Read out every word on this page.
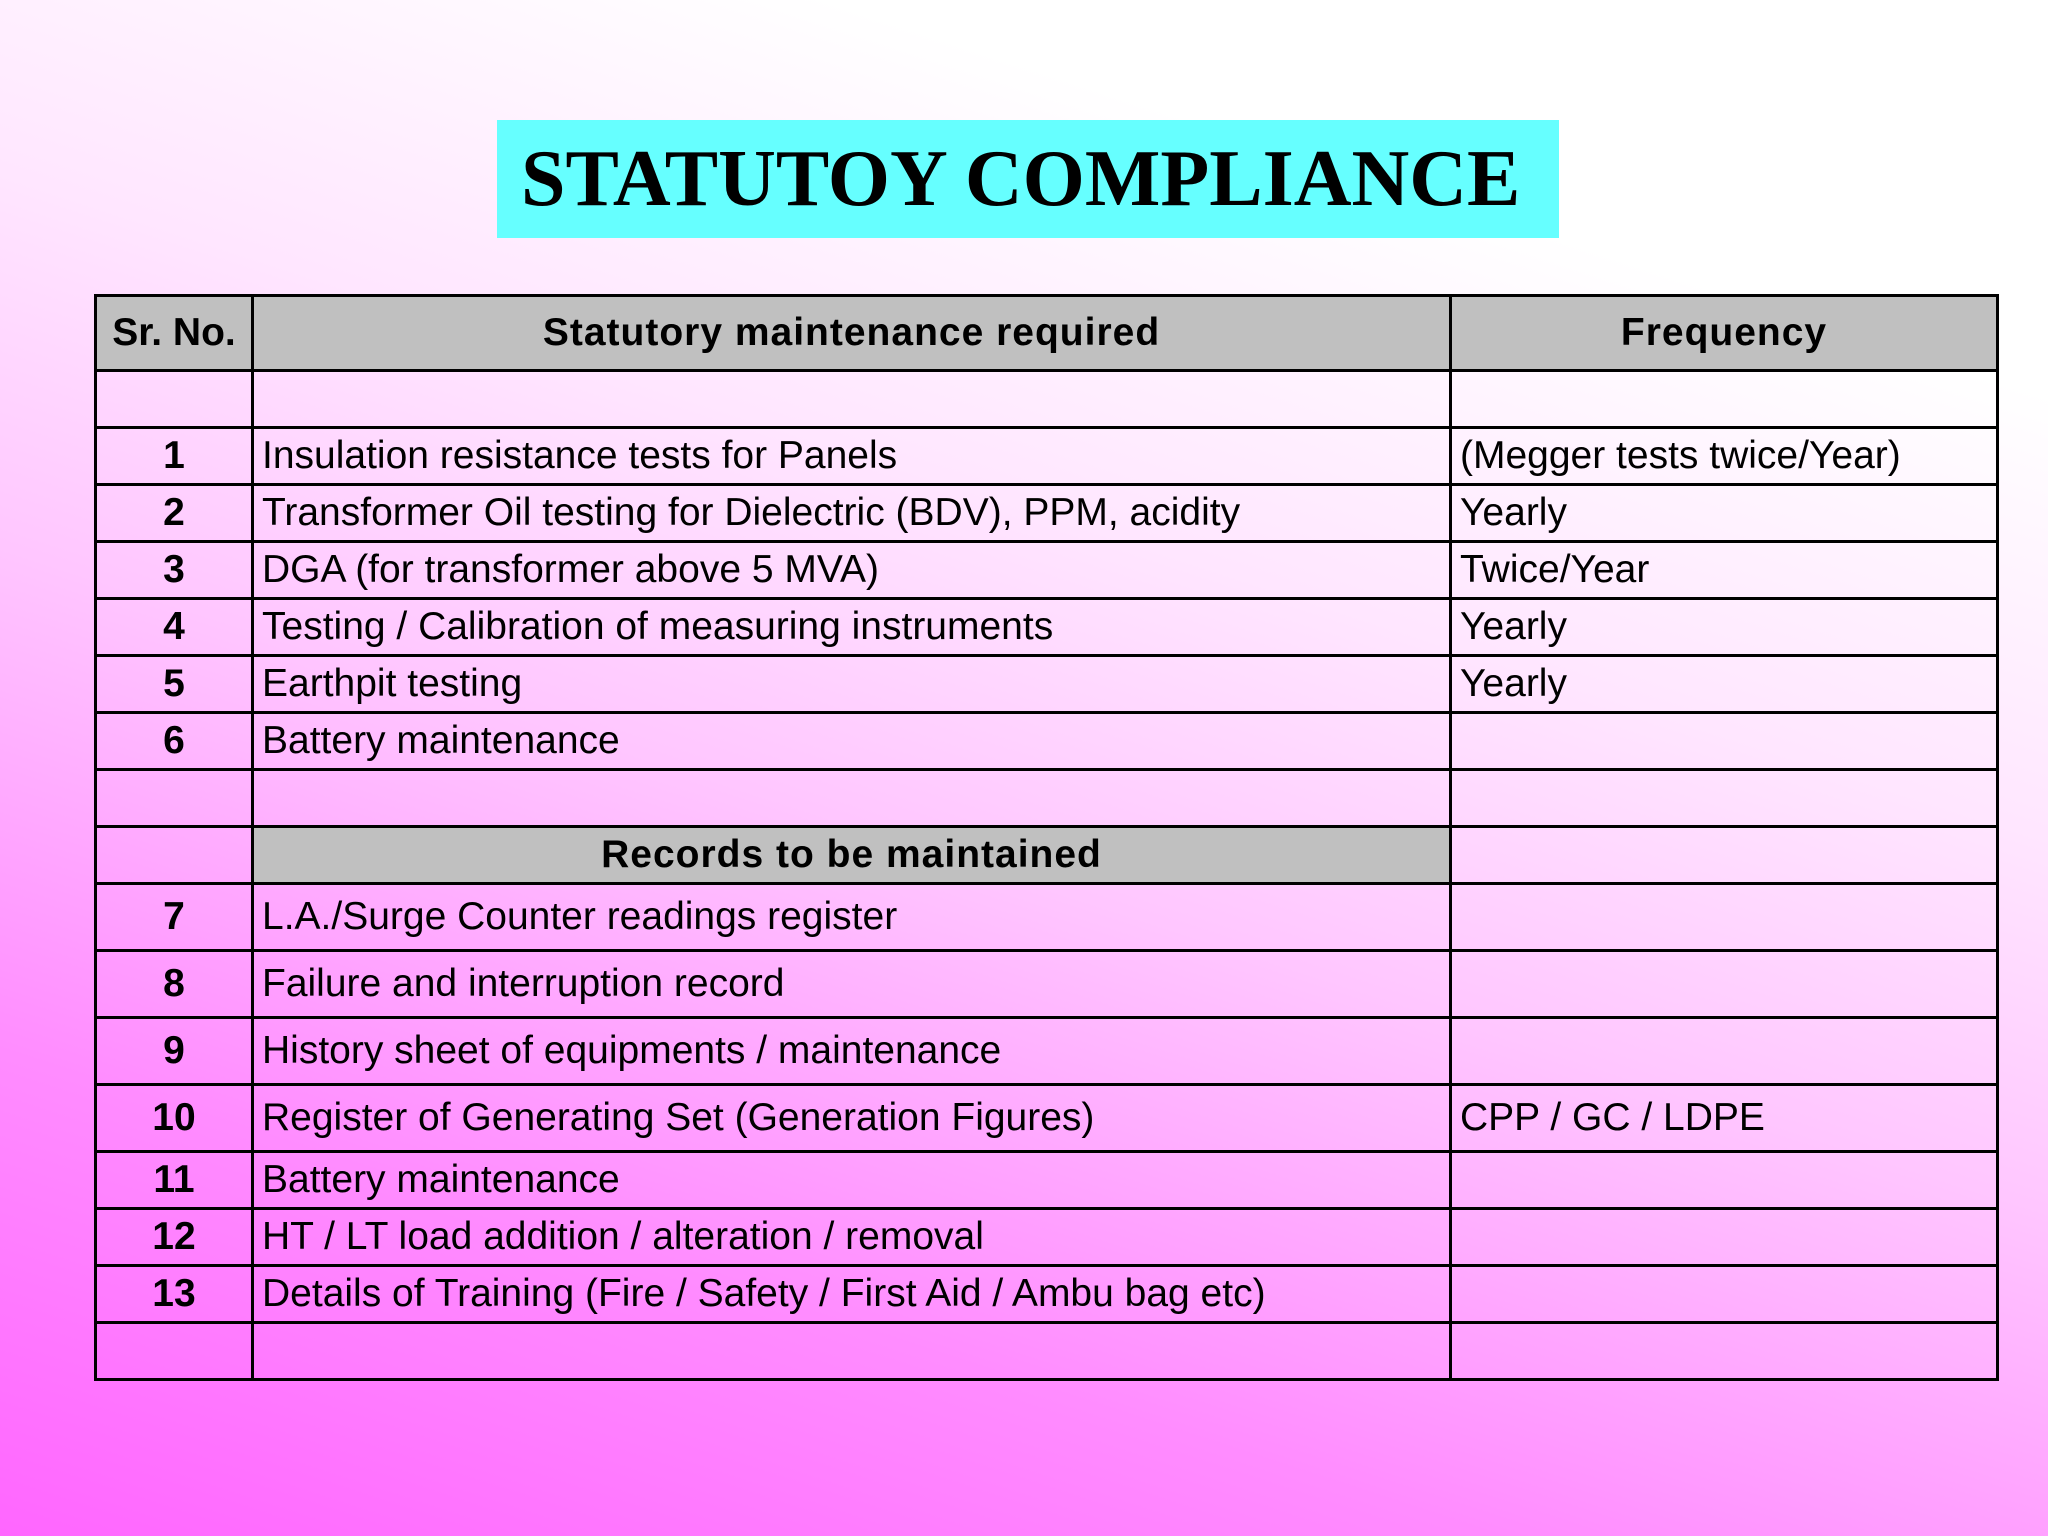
STATUTOY COMPLIANCE
Sr. No.	Statutory maintenance required	Frequency

1	Insulation resistance tests for Panels	(Megger tests twice/Year)
2	Transformer Oil testing for Dielectric (BDV), PPM, acidity	Yearly
3	DGA (for transformer above 5 MVA)	Twice/Year
4	Testing / Calibration of measuring instruments	Yearly
5	Earthpit testing	Yearly
6	Battery maintenance	

	Records to be maintained	
7	L.A./Surge Counter readings register	
8	Failure and interruption record	
9	History sheet of equipments / maintenance	
10	Register of Generating Set (Generation Figures)	CPP / GC / LDPE
11	Battery maintenance	
12	HT / LT load addition / alteration / removal	
13	Details of Training (Fire / Safety / First Aid / Ambu bag etc)	
